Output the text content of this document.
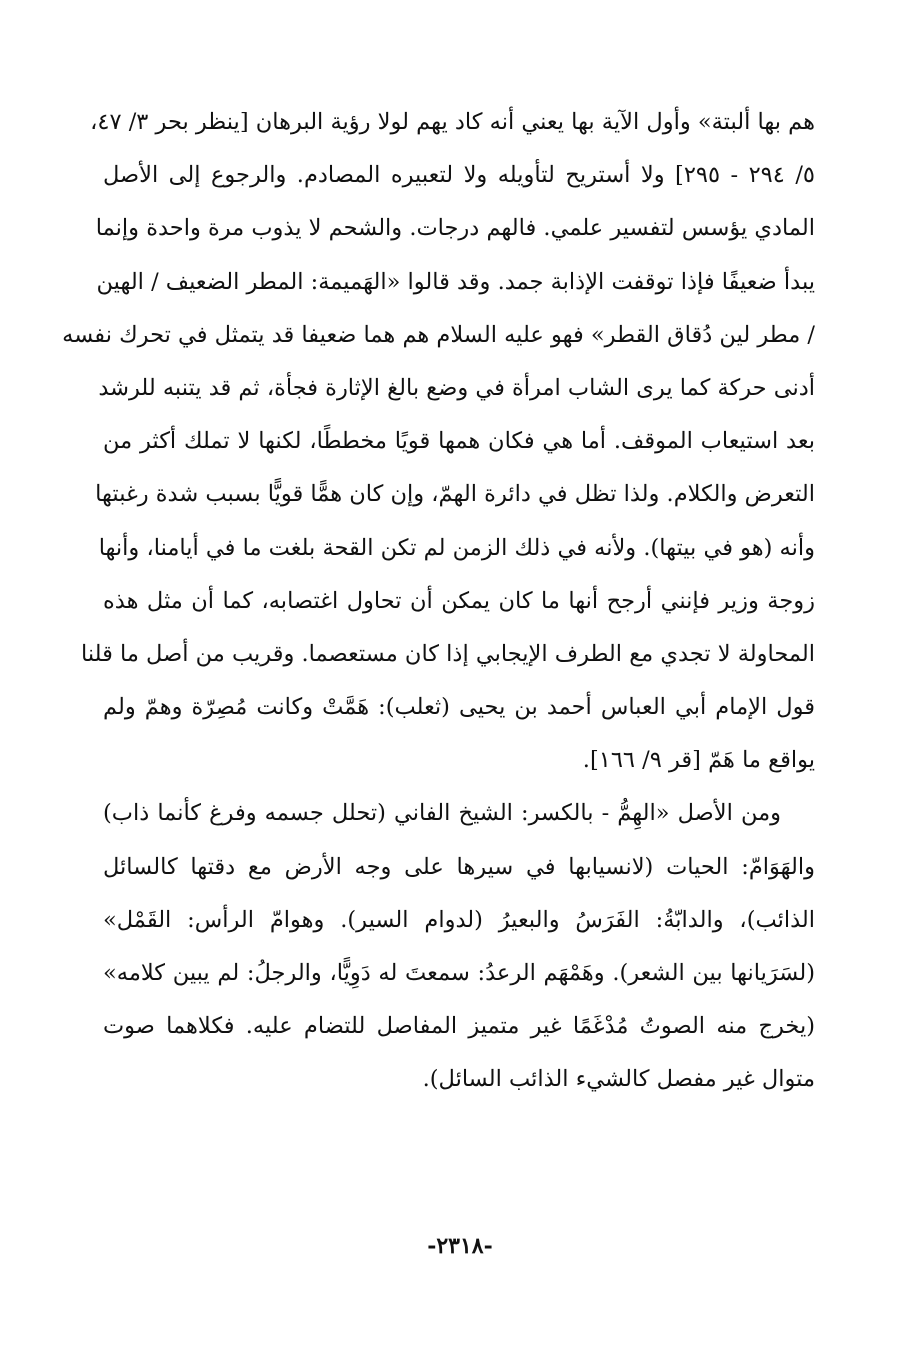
هم بها ألبتة» وأول الآية بها يعني أنه كاد يهم لولا رؤية البرهان [ينظر بحر ٣/ ٤٧،
٥/ ٢٩٤ - ٢٩٥] ولا أستريح لتأويله ولا لتعبيره المصادم. والرجوع إلى الأصل
المادي يؤسس لتفسير علمي. فالهم درجات. والشحم لا يذوب مرة واحدة وإنما
يبدأ ضعيفًا فإذا توقفت الإذابة جمد. وقد قالوا «الهَميمة: المطر الضعيف / الهين
/ مطر لين دُقاق القطر» فهو عليه السلام هم هما ضعيفا قد يتمثل في تحرك نفسه
أدنى حركة كما يرى الشاب امرأة في وضع بالغ الإثارة فجأة، ثم قد يتنبه للرشد
بعد استيعاب الموقف. أما هي فكان همها قويًا مخططًا، لكنها لا تملك أكثر من
التعرض والكلام. ولذا تظل في دائرة الهمّ، وإن كان همًّا قويًّا بسبب شدة رغبتها
وأنه (هو في بيتها). ولأنه في ذلك الزمن لم تكن القحة بلغت ما في أيامنا، وأنها
زوجة وزير فإنني أرجح أنها ما كان يمكن أن تحاول اغتصابه، كما أن مثل هذه
المحاولة لا تجدي مع الطرف الإيجابي إذا كان مستعصما. وقريب من أصل ما قلنا
قول الإمام أبي العباس أحمد بن يحيى (ثعلب): هَمَّتْ وكانت مُصِرّة وهمّ ولم
يواقع ما هَمّ [قر ٩/ ١٦٦].
ومن الأصل «الهِمُّ - بالكسر: الشيخ الفاني (تحلل جسمه وفرغ كأنما ذاب)
والهَوَامّ: الحيات (لانسيابها في سيرها على وجه الأرض مع دقتها كالسائل
الذائب)، والدابّةُ: الفَرَسُ والبعيرُ (لدوام السير). وهوامّ الرأس: القَمْل»
(لسَرَيانها بين الشعر). وهَمْهَم الرعدُ: سمعتَ له دَوِيًّا، والرجلُ: لم يبين كلامه»
(يخرج منه الصوتُ مُدْغَمًا غير متميز المفاصل للتضام عليه. فكلاهما صوت
متوال غير مفصل كالشيء الذائب السائل).
-٢٣١٨-
